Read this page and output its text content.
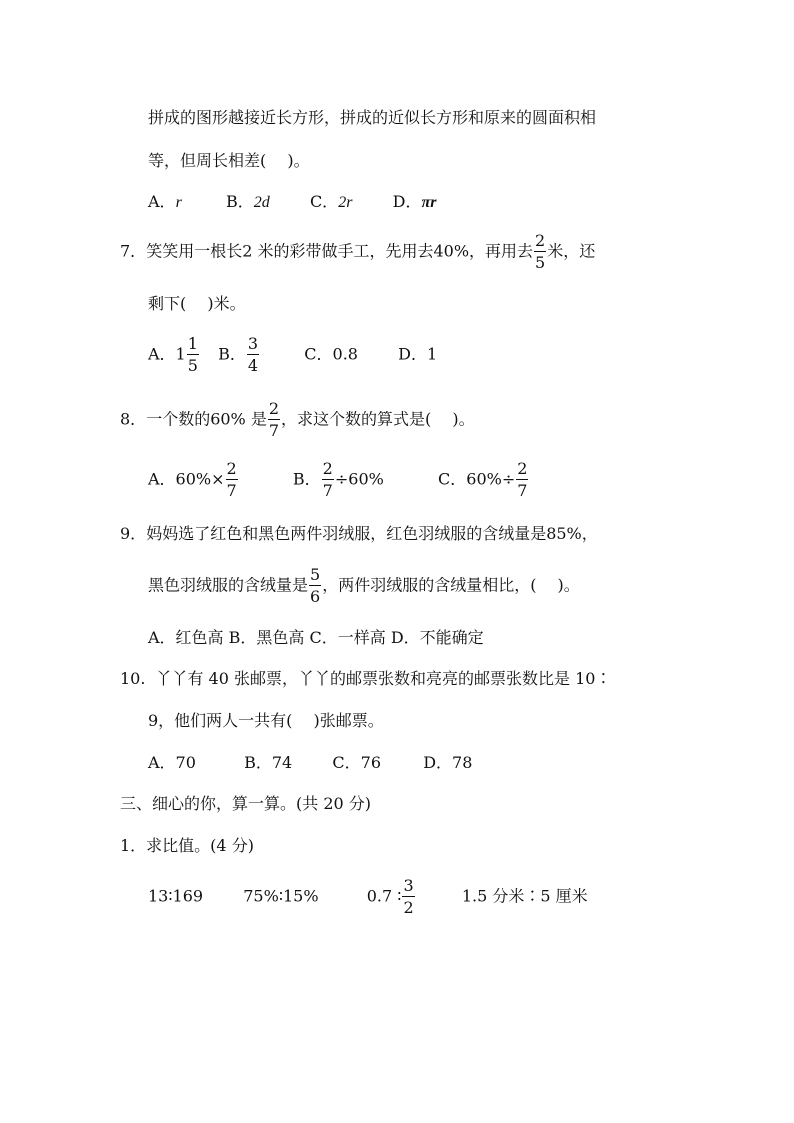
拼成的图形越接近长方形，拼成的近似长方形和原来的圆面积相
等，但周长相差(　 )。
A．r	B．2d	C．2r	D．πr
7．笑笑用一根长2 米的彩带做手工，先用去40%，再用去 $\frac{2}{5}$ 米，还
剩下(　 )米。
A．$1 \frac{1}{5}$ B． $\frac{3}{4}$	C．0.8	D．1
8．一个数的60% 是 $\frac{2}{7}$ ，求这个数的算式是(　 )。
A．$60\%\times \frac{2}{7}$	B． $\frac{2}{7} \div 60\%$	C．$60\%\div \frac{2}{7}$
9．妈妈选了红色和黑色两件羽绒服，红色羽绒服的含绒量是85%，
黑色羽绒服的含绒量是 $\frac{5}{6}$ ，两件羽绒服的含绒量相比，(　 )。
A．红色高 B．黑色高 C．一样高 D．不能确定
10. 丫丫有 40 张邮票，丫丫的邮票张数和亮亮的邮票张数比是 10∶
9，他们两人一共有(　 )张邮票。
A．70	B．74	C．76	D．78
三、细心的你，算一算。(共 20 分)
1．求比值。(4 分)
13∶169	75%∶15%	0.7 ∶ $\frac{3}{2}$	1.5 分米∶5 厘米
